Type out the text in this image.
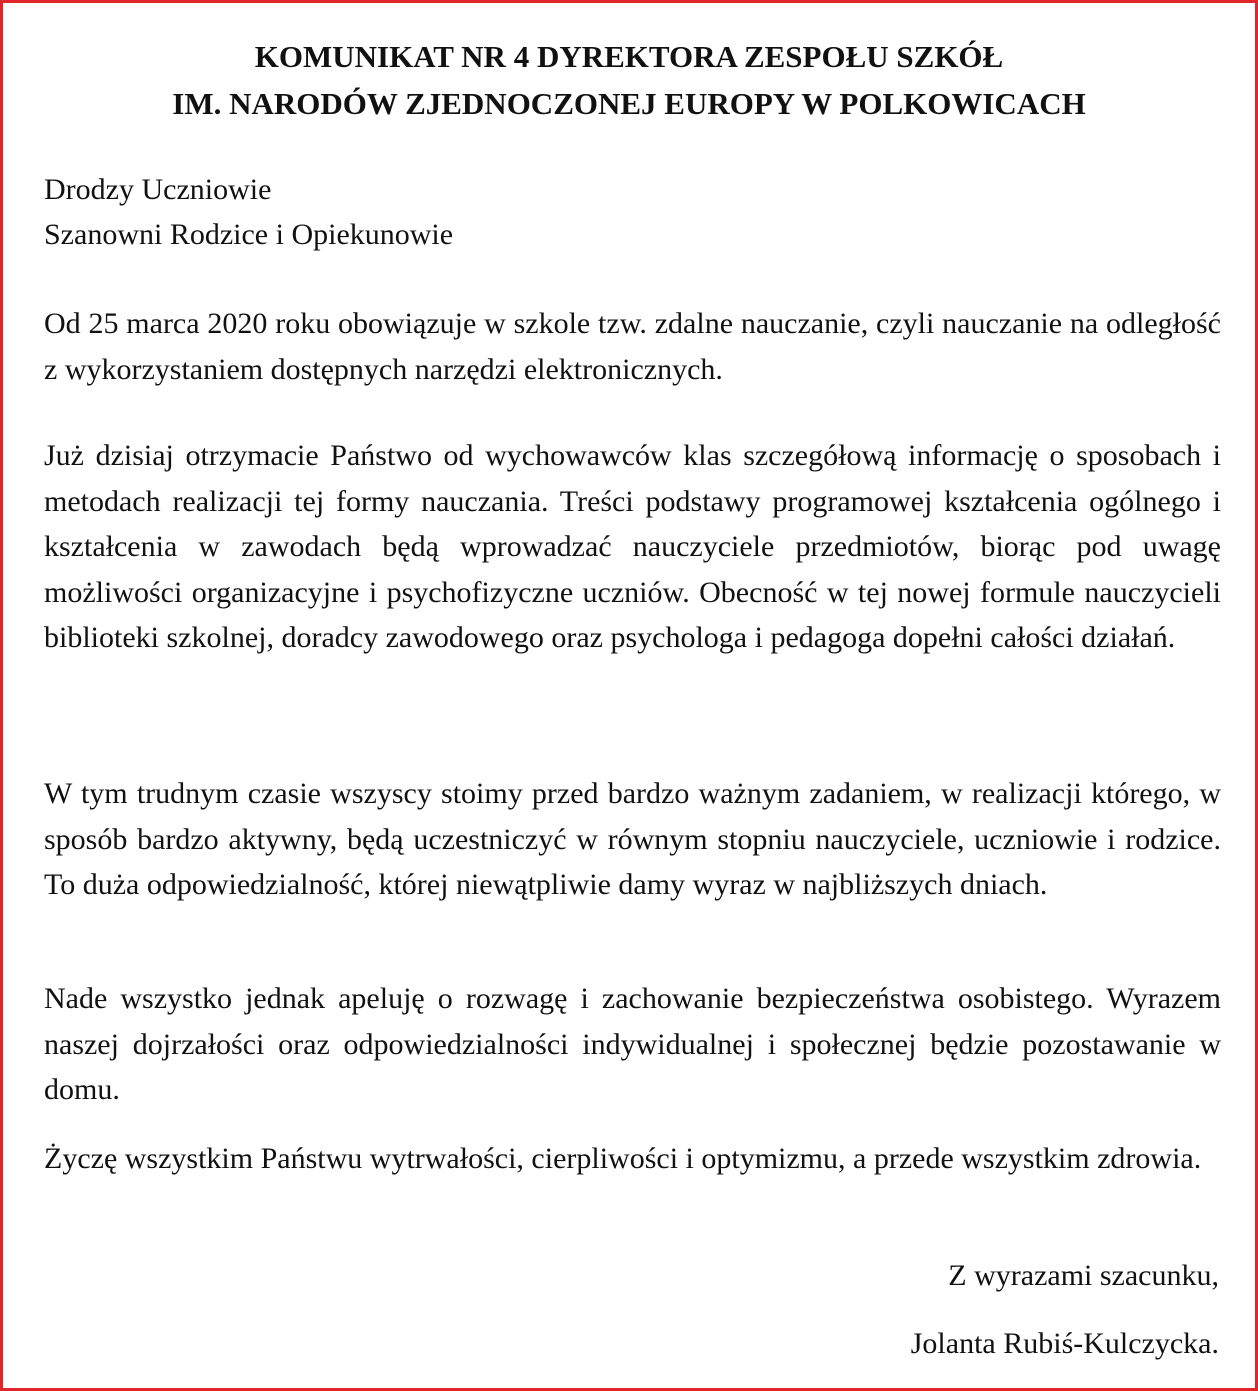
KOMUNIKAT NR 4 DYREKTORA ZESPOŁU SZKÓŁ
IM. NARODÓW ZJEDNOCZONEJ EUROPY W POLKOWICACH
Drodzy Uczniowie
Szanowni Rodzice i Opiekunowie

Od 25 marca 2020 roku obowiązuje w szkole tzw. zdalne nauczanie, czyli nauczanie na odległość z wykorzystaniem dostępnych narzędzi elektronicznych.

Już dzisiaj otrzymacie Państwo od wychowawców klas szczegółową informację o sposobach i metodach realizacji tej formy nauczania. Treści podstawy programowej kształcenia ogólnego i kształcenia w zawodach będą wprowadzać nauczyciele przedmiotów, biorąc pod uwagę możliwości organizacyjne i psychofizyczne uczniów. Obecność w tej nowej formule nauczycieli biblioteki szkolnej, doradcy zawodowego oraz psychologa i pedagoga dopełni całości działań.

W tym trudnym czasie wszyscy stoimy przed bardzo ważnym zadaniem, w realizacji którego, w sposób bardzo aktywny, będą uczestniczyć w równym stopniu nauczyciele, uczniowie i rodzice. To duża odpowiedzialność, której niewątpliwie damy wyraz w najbliższych dniach.

Nade wszystko jednak apeluję o rozwagę i zachowanie bezpieczeństwa osobistego. Wyrazem naszej dojrzałości oraz odpowiedzialności indywidualnej i społecznej będzie pozostawanie w domu.

Życzę wszystkim Państwu wytrwałości, cierpliwości i optymizmu, a przede wszystkim zdrowia.

Z wyrazami szacunku,
Jolanta Rubiś-Kulczycka.
